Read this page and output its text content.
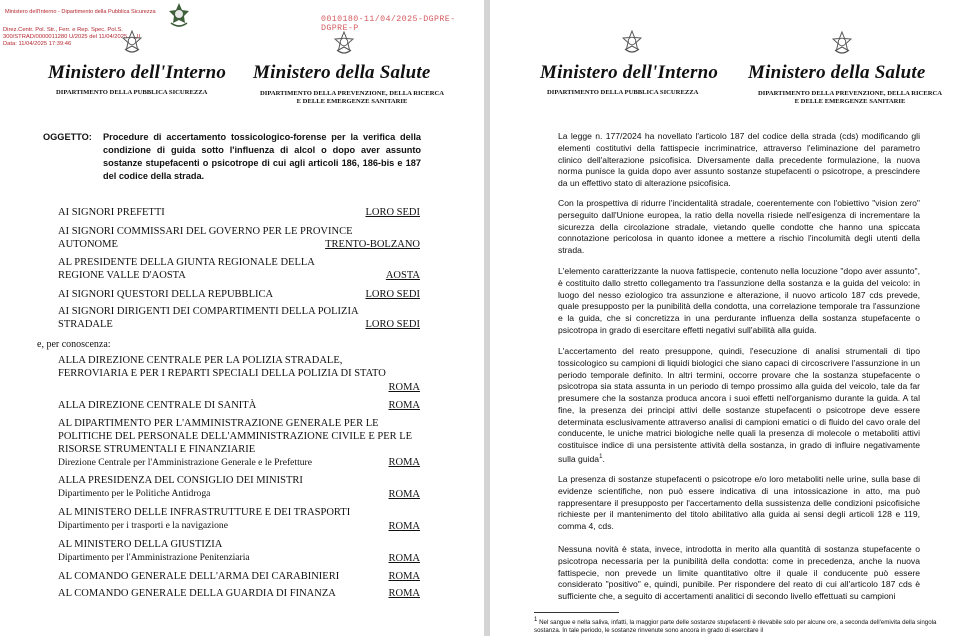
Ministero dell'Interno - Dipartimento della Pubblica Sicurezza
0010180-11/04/2025-DGPRE-DGPRE-P
Direz.Centr. Pol. Str., Ferr. e Rep. Spec. Pol.S.
300/STRAD/0000011280 U/2025 del 11/04/2025 ..._II
Data: 11/04/2025 17:39:46
Ministero dell'Interno Ministero della Salute
DIPARTIMENTO DELLA PUBBLICA SICUREZZA	DIPARTIMENTO DELLA PREVENZIONE, DELLA RICERCA
E DELLE EMERGENZE SANITARIE
OGGETTO: Procedure di accertamento tossicologico-forense per la verifica della condizione di guida sotto l'influenza di alcol o dopo aver assunto sostanze stupefacenti o psicotrope di cui agli articoli 186, 186-bis e 187 del codice della strada.
AI SIGNORI PREFETTI	LORO SEDI
AI SIGNORI COMMISSARI DEL GOVERNO PER LE PROVINCE AUTONOME	TRENTO-BOLZANO
AL PRESIDENTE DELLA GIUNTA REGIONALE DELLA REGIONE VALLE D'AOSTA	AOSTA
AI SIGNORI QUESTORI DELLA REPUBBLICA	LORO SEDI
AI SIGNORI DIRIGENTI DEI COMPARTIMENTI DELLA POLIZIA STRADALE	LORO SEDI
e, per conoscenza:
ALLA DIREZIONE CENTRALE PER LA POLIZIA STRADALE, FERROVIARIA E PER I REPARTI SPECIALI DELLA POLIZIA DI STATO
ROMA
ALLA DIREZIONE CENTRALE DI SANITÀ	ROMA
AL DIPARTIMENTO PER L'AMMINISTRAZIONE GENERALE PER LE POLITICHE DEL PERSONALE DELL'AMMINISTRAZIONE CIVILE E PER LE RISORSE STRUMENTALI E FINANZIARIE
Direzione Centrale per l'Amministrazione Generale e le Prefetture	ROMA
ALLA PRESIDENZA DEL CONSIGLIO DEI MINISTRI
Dipartimento per le Politiche Antidroga	ROMA
AL MINISTERO DELLE INFRASTRUTTURE E DEI TRASPORTI
Dipartimento per i trasporti e la navigazione	ROMA
AL MINISTERO DELLA GIUSTIZIA
Dipartimento per l'Amministrazione Penitenziaria	ROMA
AL COMANDO GENERALE DELL'ARMA DEI CARABINIERI	ROMA
AL COMANDO GENERALE DELLA GUARDIA DI FINANZA	ROMA
Ministero dell'Interno Ministero della Salute
DIPARTIMENTO DELLA PUBBLICA SICUREZZA	DIPARTIMENTO DELLA PREVENZIONE, DELLA RICERCA
E DELLE EMERGENZE SANITARIE
La legge n. 177/2024 ha novellato l'articolo 187 del codice della strada (cds) modificando gli elementi costitutivi della fattispecie incriminatrice, attraverso l'eliminazione del parametro clinico dell'alterazione psicofisica. Diversamente dalla precedente formulazione, la nuova norma punisce la guida dopo aver assunto sostanze stupefacenti o psicotrope, a prescindere da un effettivo stato di alterazione psicofisica.
Con la prospettiva di ridurre l'incidentalità stradale, coerentemente con l'obiettivo "vision zero" perseguito dall'Unione europea, la ratio della novella risiede nell'esigenza di incrementare la sicurezza della circolazione stradale, vietando quelle condotte che hanno una spiccata connotazione pericolosa in quanto idonee a mettere a rischio l'incolumità degli utenti della strada.
L'elemento caratterizzante la nuova fattispecie, contenuto nella locuzione "dopo aver assunto", è costituito dallo stretto collegamento tra l'assunzione della sostanza e la guida del veicolo: in luogo del nesso eziologico tra assunzione e alterazione, il nuovo articolo 187 cds prevede, quale presupposto per la punibilità della condotta, una correlazione temporale tra l'assunzione e la guida, che si concretizza in una perdurante influenza della sostanza stupefacente o psicotropa in grado di esercitare effetti negativi sull'abilità alla guida.
L'accertamento del reato presuppone, quindi, l'esecuzione di analisi strumentali di tipo tossicologico su campioni di liquidi biologici che siano capaci di circoscrivere l'assunzione in un periodo temporale definito. In altri termini, occorre provare che la sostanza stupefacente o psicotropa sia stata assunta in un periodo di tempo prossimo alla guida del veicolo, tale da far presumere che la sostanza produca ancora i suoi effetti nell'organismo durante la guida. A tal fine, la presenza dei principi attivi delle sostanze stupefacenti o psicotrope deve essere determinata esclusivamente attraverso analisi di campioni ematici o di fluido del cavo orale del conducente, le uniche matrici biologiche nelle quali la presenza di molecole o metaboliti attivi costituisce indice di una persistente attività della sostanza, in grado di influire negativamente sulla guida$^1$.
La presenza di sostanze stupefacenti o psicotrope e/o loro metaboliti nelle urine, sulla base di evidenze scientifiche, non può essere indicativa di una intossicazione in atto, ma può rappresentare il presupposto per l'accertamento della sussistenza delle condizioni psicofisiche richieste per il mantenimento del titolo abilitativo alla guida ai sensi degli articoli 128 e 119, comma 4, cds.
Nessuna novità è stata, invece, introdotta in merito alla quantità di sostanza stupefacente o psicotropa necessaria per la punibilità della condotta: come in precedenza, anche la nuova fattispecie, non prevede un limite quantitativo oltre il quale il conducente può essere considerato "positivo" e, quindi, punibile. Per rispondere del reato di cui all'articolo 187 cds è sufficiente che, a seguito di accertamenti analitici di secondo livello effettuati su campioni
$^1$ Nel sangue e nella saliva, infatti, la maggior parte delle sostanze stupefacenti è rilevabile solo per alcune ore, a seconda dell'emivita della singola sostanza. In tale periodo, le sostanze rinvenute sono ancora in grado di esercitare il
